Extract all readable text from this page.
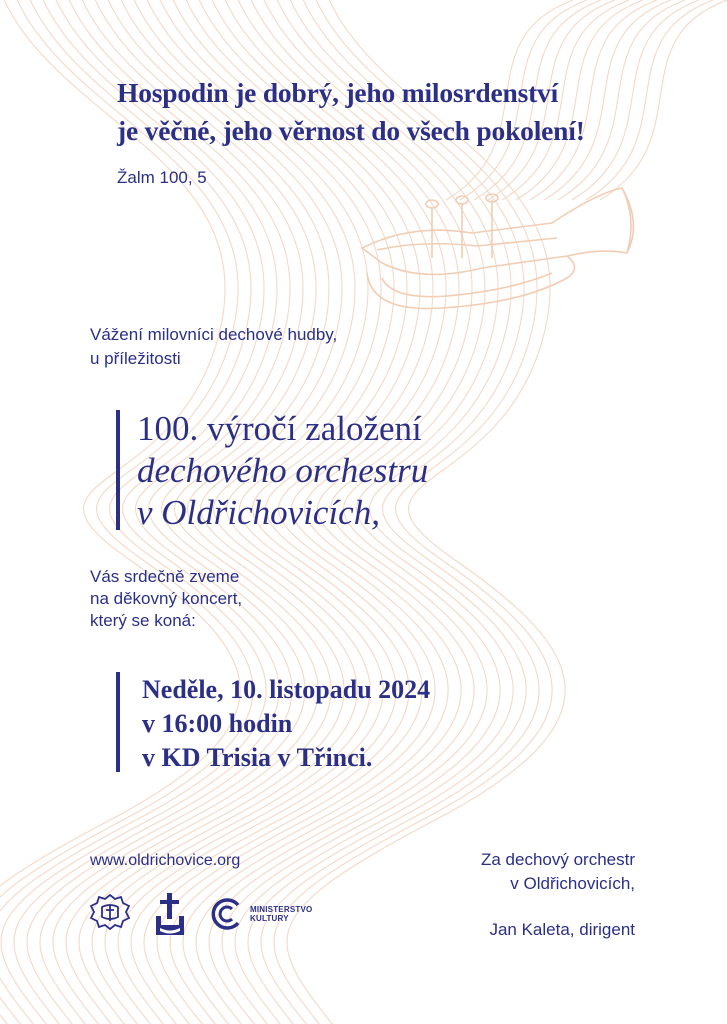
Hospodin je dobrý, jeho milosrdenství
je věčné, jeho věrnost do všech pokolení!
Žalm 100, 5
Vážení milovníci dechové hudby,
u příležitosti
100. výročí založení
dechového orchestru
v Oldřichovicích,
Vás srdečně zveme
na děkovný koncert,
který se koná:
Neděle, 10. listopadu 2024
v 16:00 hodin
v KD Trisia v Třinci.
www.oldrichovice.org
MINISTERSTVO
KULTURY
Za dechový orchestr
v Oldřichovicích,
Jan Kaleta, dirigent
